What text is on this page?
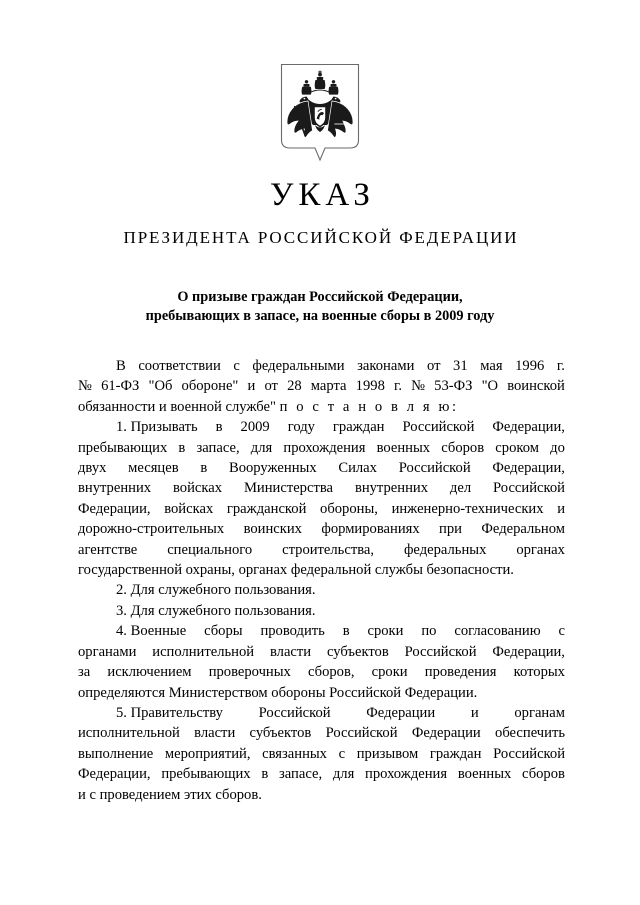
УКАЗ
ПРЕЗИДЕНТА РОССИЙСКОЙ ФЕДЕРАЦИИ
О призыве граждан Российской Федерации,
пребывающих в запасе, на военные сборы в 2009 году

В соответствии с федеральными законами от 31 мая 1996 г.
№ 61-ФЗ "Об обороне" и от 28 марта 1998 г. № 53-ФЗ "О воинской
обязанности и военной службе" п о с т а н о в л я ю:

1. Призывать в 2009 году граждан Российской Федерации,
пребывающих в запасе, для прохождения военных сборов сроком до
двух месяцев в Вооруженных Силах Российской Федерации,
внутренних войсках Министерства внутренних дел Российской
Федерации, войсках гражданской обороны, инженерно-технических и
дорожно-строительных воинских формированиях при Федеральном
агентстве специального строительства, федеральных органах
государственной охраны, органах федеральной службы безопасности.

2. Для служебного пользования.

3. Для служебного пользования.

4. Военные сборы проводить в сроки по согласованию с
органами исполнительной власти субъектов Российской Федерации,
за исключением проверочных сборов, сроки проведения которых
определяются Министерством обороны Российской Федерации.

5. Правительству Российской Федерации и органам
исполнительной власти субъектов Российской Федерации обеспечить
выполнение мероприятий, связанных с призывом граждан Российской
Федерации, пребывающих в запасе, для прохождения военных сборов
и с проведением этих сборов.
